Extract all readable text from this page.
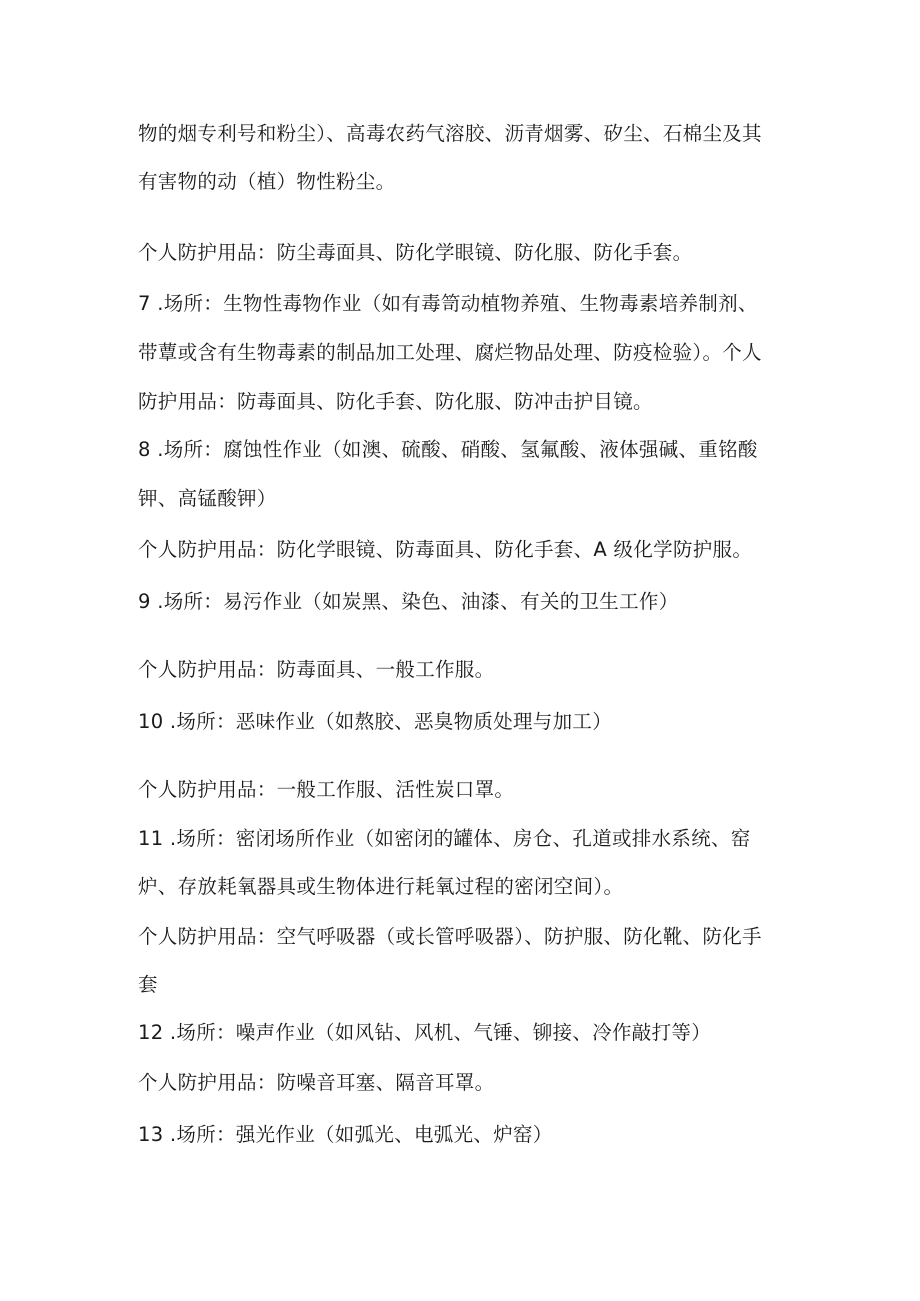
物的烟专利号和粉尘）、高毒农药气溶胶、沥青烟雾、矽尘、石棉尘及其
有害物的动（植）物性粉尘。
个人防护用品：防尘毒面具、防化学眼镜、防化服、防化手套。
7 .场所：生物性毒物作业（如有毒笥动植物养殖、生物毒素培养制剂、
带蕈或含有生物毒素的制品加工处理、腐烂物品处理、防疫检验）。个人
防护用品：防毒面具、防化手套、防化服、防冲击护目镜。
8 .场所：腐蚀性作业（如澳、硫酸、硝酸、氢氟酸、液体强碱、重铭酸
钾、高锰酸钾）
个人防护用品：防化学眼镜、防毒面具、防化手套、A 级化学防护服。
9 .场所：易污作业（如炭黑、染色、油漆、有关的卫生工作）
个人防护用品：防毒面具、一般工作服。
10 .场所：恶味作业（如熬胶、恶臭物质处理与加工）
个人防护用品：一般工作服、活性炭口罩。
11 .场所：密闭场所作业（如密闭的罐体、房仓、孔道或排水系统、窑
炉、存放耗氧器具或生物体进行耗氧过程的密闭空间）。
个人防护用品：空气呼吸器（或长管呼吸器）、防护服、防化靴、防化手
套
12 .场所：噪声作业（如风钻、风机、气锤、铆接、冷作敲打等）
个人防护用品：防噪音耳塞、隔音耳罩。
13 .场所：强光作业（如弧光、电弧光、炉窑）
